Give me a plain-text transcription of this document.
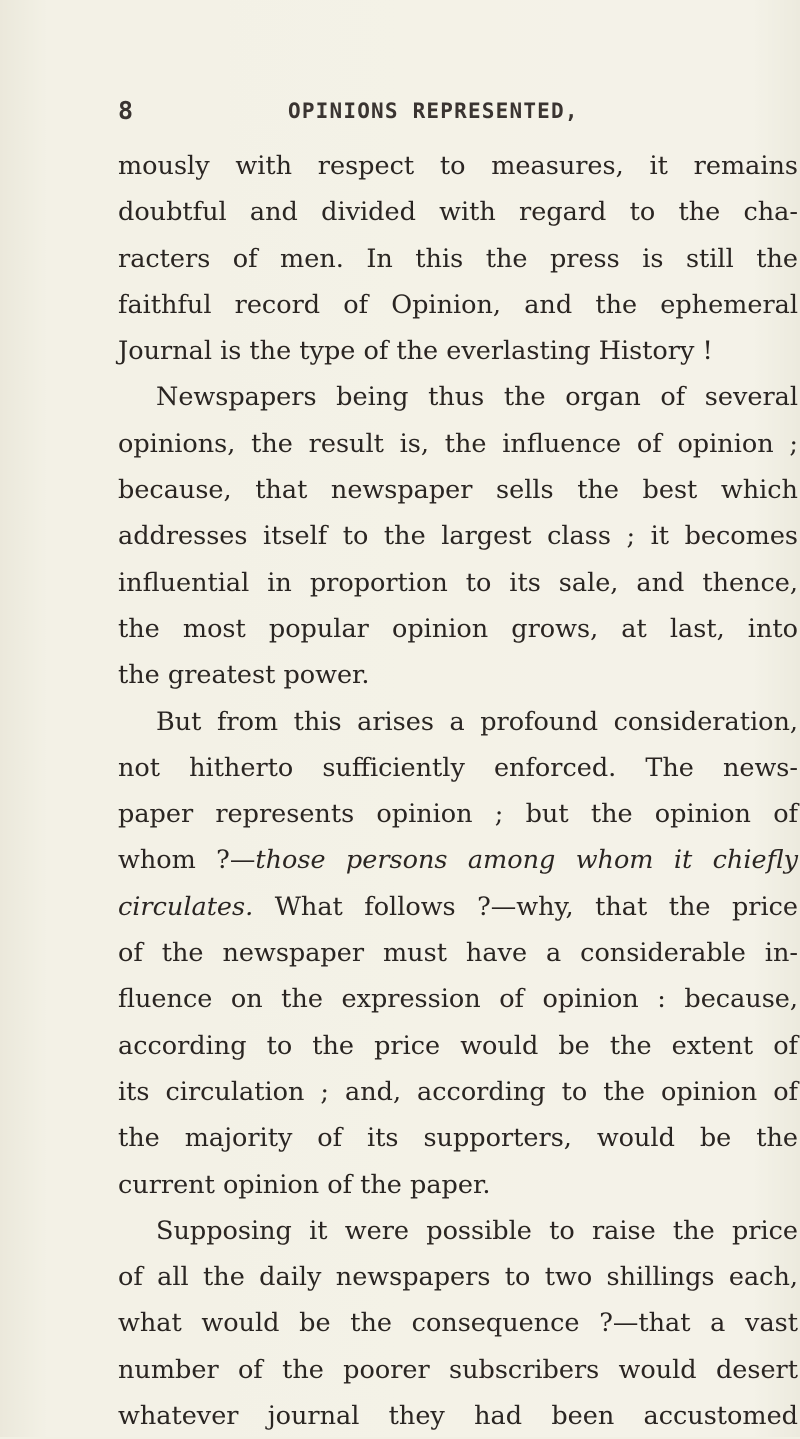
8	OPINIONS REPRESENTED,
mously with respect to measures, it remains
doubtful and divided with regard to the cha-
racters of men. In this the press is still the
faithful record of Opinion, and the ephemeral
Journal is the type of the everlasting History !
Newspapers being thus the organ of several
opinions, the result is, the influence of opinion ;
because, that newspaper sells the best which
addresses itself to the largest class ; it becomes
influential in proportion to its sale, and thence,
the most popular opinion grows, at last, into
the greatest power.
But from this arises a profound consideration,
not hitherto sufficiently enforced. The news-
paper represents opinion ; but the opinion of
whom ?—those persons among whom it chiefly
circulates. What follows ?—why, that the price
of the newspaper must have a considerable in-
fluence on the expression of opinion : because,
according to the price would be the extent of
its circulation ; and, according to the opinion of
the majority of its supporters, would be the
current opinion of the paper.
Supposing it were possible to raise the price
of all the daily newspapers to two shillings each,
what would be the consequence ?—that a vast
number of the poorer subscribers would desert
whatever journal they had been accustomed
